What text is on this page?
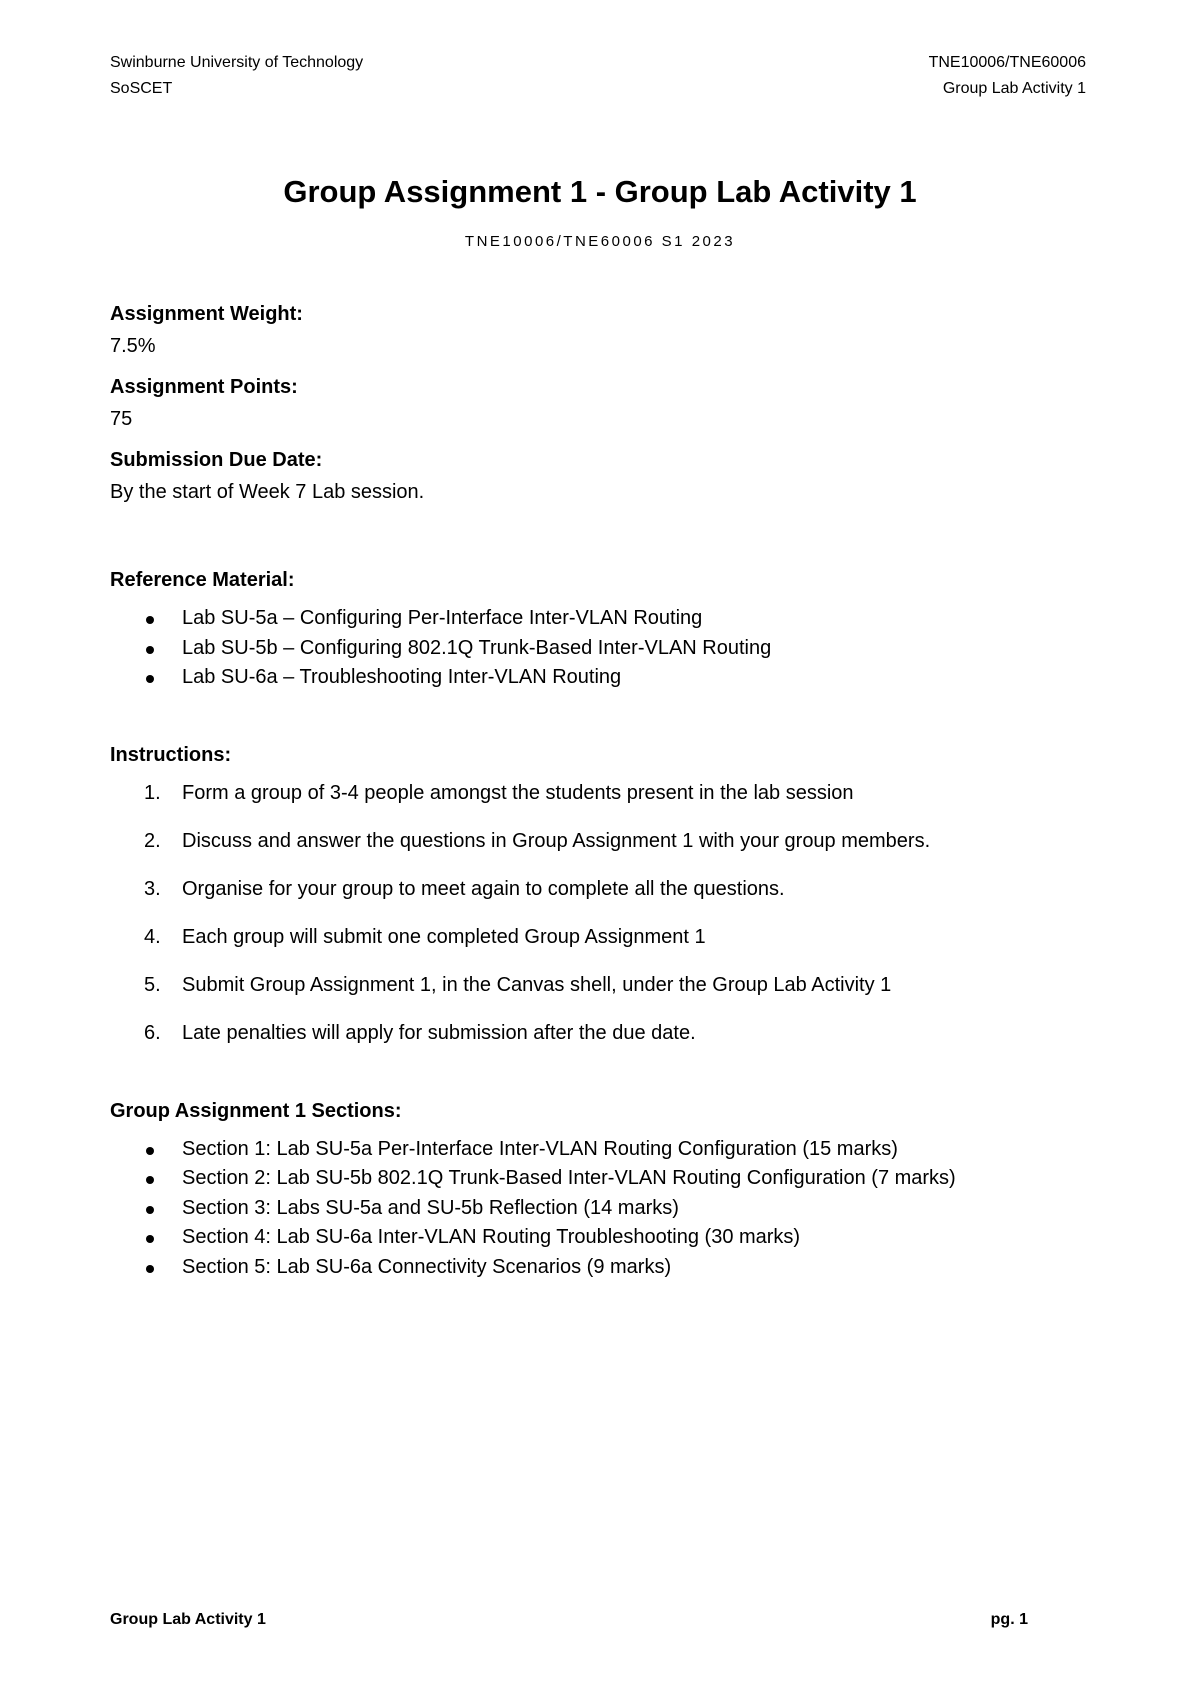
Swinburne University of Technology
SoSCET
TNE10006/TNE60006
Group Lab Activity 1
Group Assignment 1 - Group Lab Activity 1
TNE10006/TNE60006 S1 2023

Assignment Weight:

7.5%

Assignment Points:

75

Submission Due Date:

By the start of Week 7 Lab session.

Reference Material:

Lab SU-5a – Configuring Per-Interface Inter-VLAN Routing
Lab SU-5b – Configuring 802.1Q Trunk-Based Inter-VLAN Routing
Lab SU-6a – Troubleshooting Inter-VLAN Routing

Instructions:

1. Form a group of 3-4 people amongst the students present in the lab session
2. Discuss and answer the questions in Group Assignment 1 with your group members.
3. Organise for your group to meet again to complete all the questions.
4. Each group will submit one completed Group Assignment 1
5. Submit Group Assignment 1, in the Canvas shell, under the Group Lab Activity 1
6. Late penalties will apply for submission after the due date.

Group Assignment 1 Sections:

Section 1: Lab SU-5a Per-Interface Inter-VLAN Routing Configuration (15 marks)
Section 2: Lab SU-5b 802.1Q Trunk-Based Inter-VLAN Routing Configuration (7 marks)
Section 3: Labs SU-5a and SU-5b Reflection (14 marks)
Section 4: Lab SU-6a Inter-VLAN Routing Troubleshooting (30 marks)
Section 5: Lab SU-6a Connectivity Scenarios (9 marks)
Group Lab Activity 1	pg. 1
